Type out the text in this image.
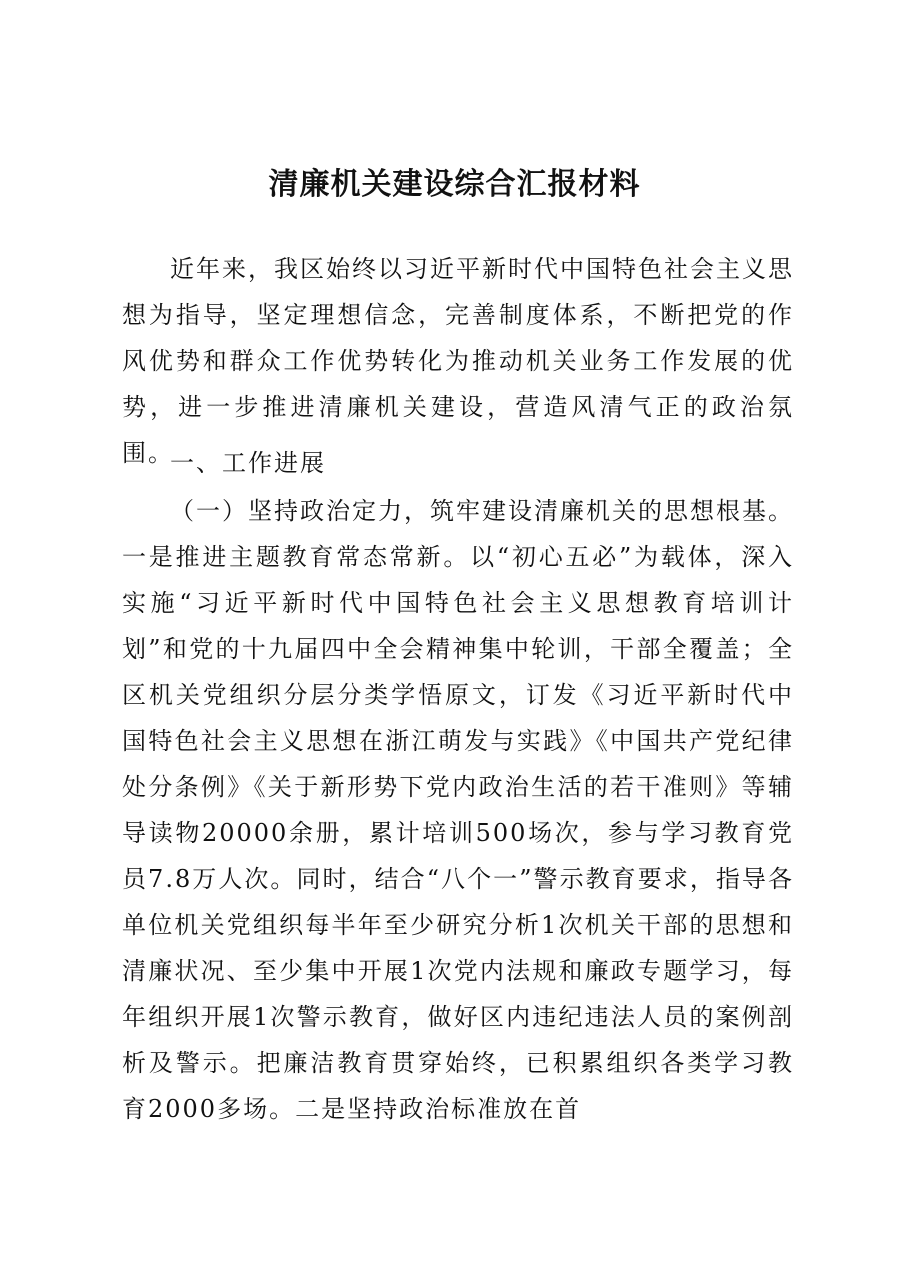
清廉机关建设综合汇报材料

近年来，我区始终以习近平新时代中国特色社会主义思想为指导，坚定理想信念，完善制度体系，不断把党的作风优势和群众工作优势转化为推动机关业务工作发展的优势，进一步推进清廉机关建设，营造风清气正的政治氛围。

一、工作进展

（一）坚持政治定力，筑牢建设清廉机关的思想根基。一是推进主题教育常态常新。以“初心五必”为载体，深入实施“习近平新时代中国特色社会主义思想教育培训计划”和党的十九届四中全会精神集中轮训，干部全覆盖；全区机关党组织分层分类学悟原文，订发《习近平新时代中国特色社会主义思想在浙江萌发与实践》《中国共产党纪律处分条例》《关于新形势下党内政治生活的若干准则》等辅导读物20000余册，累计培训500场次，参与学习教育党员7.8万人次。同时，结合“八个一”警示教育要求，指导各单位机关党组织每半年至少研究分析1次机关干部的思想和清廉状况、至少集中开展1次党内法规和廉政专题学习，每年组织开展1次警示教育，做好区内违纪违法人员的案例剖析及警示。把廉洁教育贯穿始终，已积累组织各类学习教育2000多场。二是坚持政治标准放在首
